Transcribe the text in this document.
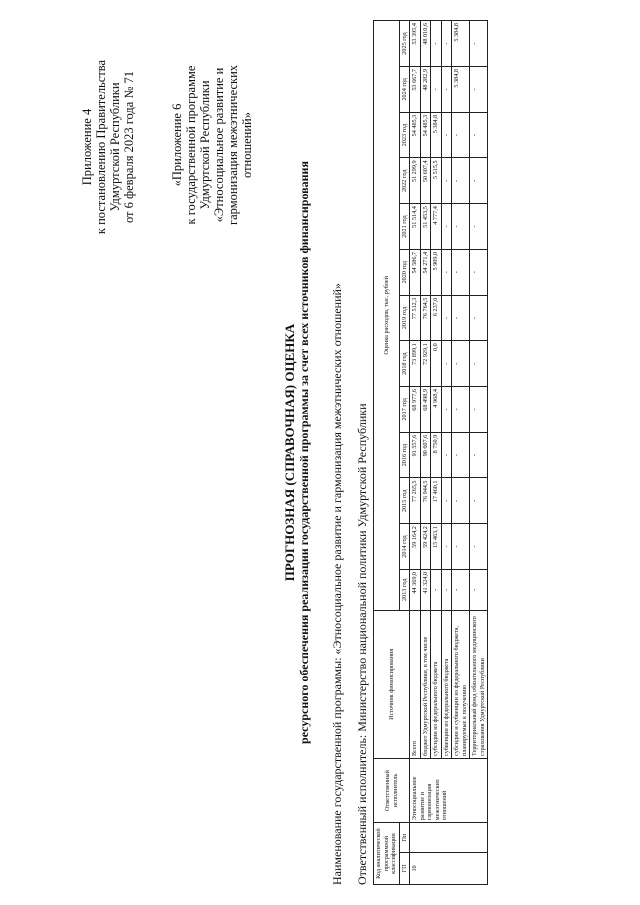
Приложение 4 к постановлению Правительства Удмуртской Республики от 6 февраля 2023 года № 71	«Приложение 6 к государственной программе Удмуртской Республики «Этносоциальное развитие и гармонизация межэтнических отношений»
ПРОГНОЗНАЯ (СПРАВОЧНАЯ) ОЦЕНКА ресурсного обеспечения реализации государственной программы за счет всех источников финансирования Наименование государственной программы: «Этносоциальное развитие и гармонизация межэтнических отношений» Ответственный исполнитель: Министерство национальной политики Удмуртской Республики Код аналитической программной классификации		Ответственный исполнитель	Источник финансирования	Оценка расходов, тыс. рублей												
ГП	Пп			2013 год	2014 год	2015 год	2016 год	2017 год	2018 год	2019 год	2020 год	2021 год	2022 год	2023 год	2024 год	2025 год

10		Этносоциальное развитие и гармонизация межэтнических отношений	Всего	44 369,0	59 164,2	77 265,5	91 557,6	68 977,6	73 899,1	77 512,3	54 586,7	51 514,4	51 299,9	54 485,3	53 667,7	53 395,4
			бюджет Удмуртской Республики, в том числе	41 324,0	59 424,2	76 944,5	90 607,6	68 498,9	72 929,1	76 764,5	54 271,4	51 453,5	50 607,4	54 485,3	48 282,9	48 010,6
			субсидии из федерального бюджета	-	15 463,1	17 460,1	8 750,9	4 968,4	0,0	6 237,0	5 909,0	4 777,4	5 515,5	5 384,8	-	-
			субвенции из федерального бюджета	-	-	-	-	-	-	-	-	-	-	-	-	-
			субсидии и субвенции из федерального бюджета, планируемые к получению	-	-	-	-	-	-	-	-	-	-	-	5 384,8	5 384,8
			Территориальный фонд обязательного медицинского страхования Удмуртской Республики	-	-	-	-	-	-	-	-	-	-	-	-	-
